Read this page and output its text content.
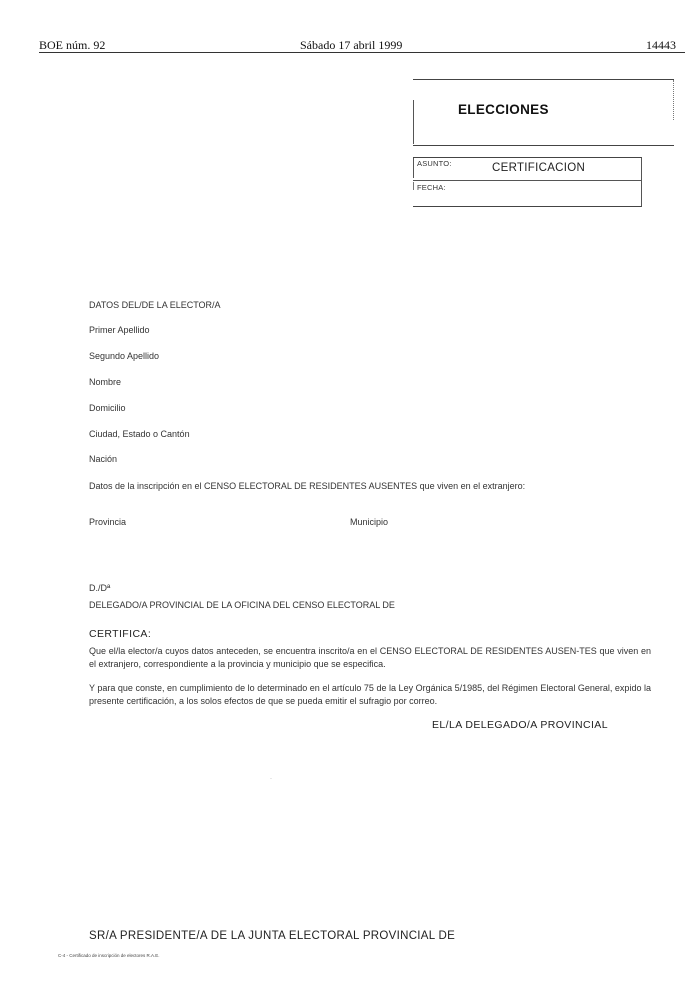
BOE núm. 92	Sábado 17 abril 1999	14443
ELECCIONES
ASUNTO:	CERTIFICACION
FECHA:
DATOS DEL/DE LA ELECTOR/A
Primer Apellido
Segundo Apellido
Nombre
Domicilio
Ciudad, Estado o Cantón
Nación
Datos de la inscripción en el CENSO ELECTORAL DE RESIDENTES AUSENTES que viven en el extranjero:
Provincia	Municipio
D./Dª
DELEGADO/A PROVINCIAL DE LA OFICINA DEL CENSO ELECTORAL DE
CERTIFICA:
Que el/la elector/a cuyos datos anteceden, se encuentra inscrito/a en el CENSO ELECTORAL DE RESIDENTES AUSEN-TES que viven en el extranjero, correspondiente a la provincia y municipio que se especifica.
Y para que conste, en cumplimiento de lo determinado en el artículo 75 de la Ley Orgánica 5/1985, del Régimen Electoral General, expido la presente certificación, a los solos efectos de que se pueda emitir el sufragio por correo.
EL/LA DELEGADO/A PROVINCIAL
·
SR/A PRESIDENTE/A DE LA JUNTA ELECTORAL PROVINCIAL DE
C-4 - Certificado de inscripción de electores R.A.E.
